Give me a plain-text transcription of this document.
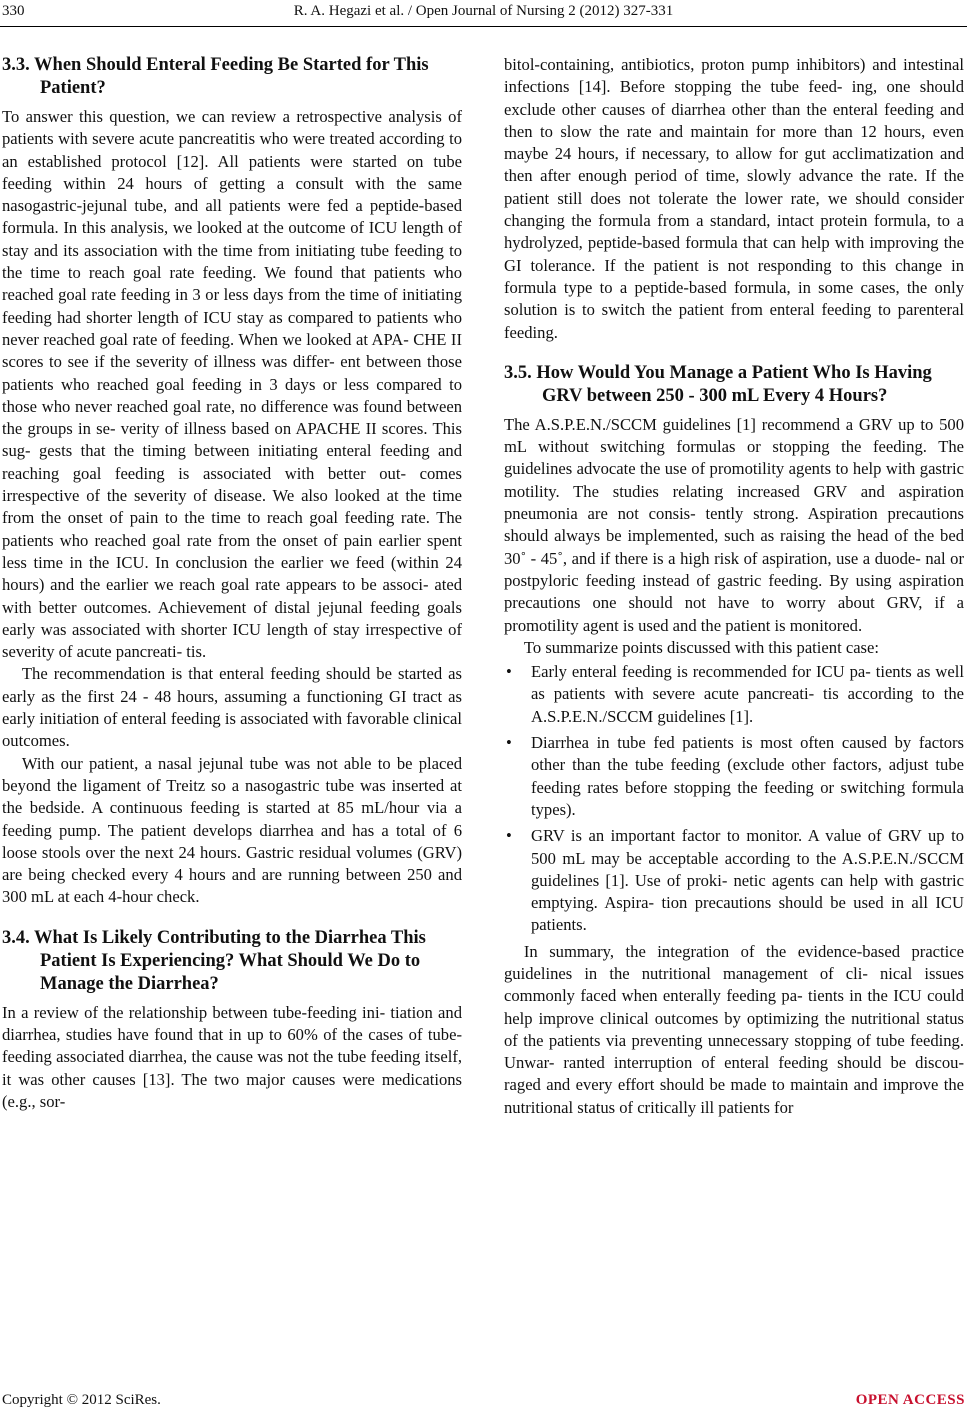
330	R. A. Hegazi et al. / Open Journal of Nursing 2 (2012) 327-331
3.3. When Should Enteral Feeding Be Started for This Patient?

To answer this question, we can review a retrospective analysis of patients with severe acute pancreatitis who were treated according to an established protocol [12]. All patients were started on tube feeding within 24 hours of getting a consult with the same nasogastric-jejunal tube, and all patients were fed a peptide-based formula. In this analysis, we looked at the outcome of ICU length of stay and its association with the time from initiating tube feeding to the time to reach goal rate feeding. We found that patients who reached goal rate feeding in 3 or less days from the time of initiating feeding had shorter length of ICU stay as compared to patients who never reached goal rate of feeding. When we looked at APA- CHE II scores to see if the severity of illness was differ- ent between those patients who reached goal feeding in 3 days or less compared to those who never reached goal rate, no difference was found between the groups in se- verity of illness based on APACHE II scores. This sug- gests that the timing between initiating enteral feeding and reaching goal feeding is associated with better out- comes irrespective of the severity of disease. We also looked at the time from the onset of pain to the time to reach goal feeding rate. The patients who reached goal rate from the onset of pain earlier spent less time in the ICU. In conclusion the earlier we feed (within 24 hours) and the earlier we reach goal rate appears to be associ- ated with better outcomes. Achievement of distal jejunal feeding goals early was associated with shorter ICU length of stay irrespective of severity of acute pancreati- tis.

The recommendation is that enteral feeding should be started as early as the first 24 - 48 hours, assuming a functioning GI tract as early initiation of enteral feeding is associated with favorable clinical outcomes.

With our patient, a nasal jejunal tube was not able to be placed beyond the ligament of Treitz so a nasogastric tube was inserted at the bedside. A continuous feeding is started at 85 mL/hour via a feeding pump. The patient develops diarrhea and has a total of 6 loose stools over the next 24 hours. Gastric residual volumes (GRV) are being checked every 4 hours and are running between 250 and 300 mL at each 4-hour check.

3.4. What Is Likely Contributing to the Diarrhea This Patient Is Experiencing? What Should We Do to Manage the Diarrhea?

In a review of the relationship between tube-feeding ini- tiation and diarrhea, studies have found that in up to 60% of the cases of tube-feeding associated diarrhea, the cause was not the tube feeding itself, it was other causes [13]. The two major causes were medications (e.g., sor-

bitol-containing, antibiotics, proton pump inhibitors) and intestinal infections [14]. Before stopping the tube feed- ing, one should exclude other causes of diarrhea other than the enteral feeding and then to slow the rate and maintain for more than 12 hours, even maybe 24 hours, if necessary, to allow for gut acclimatization and then after enough period of time, slowly advance the rate. If the patient still does not tolerate the lower rate, we should consider changing the formula from a standard, intact protein formula, to a hydrolyzed, peptide-based formula that can help with improving the GI tolerance. If the patient is not responding to this change in formula type to a peptide-based formula, in some cases, the only solution is to switch the patient from enteral feeding to parenteral feeding.

3.5. How Would You Manage a Patient Who Is Having GRV between 250 - 300 mL Every 4 Hours?

The A.S.P.E.N./SCCM guidelines [1] recommend a GRV up to 500 mL without switching formulas or stopping the feeding. The guidelines advocate the use of promotility agents to help with gastric motility. The studies relating increased GRV and aspiration pneumonia are not consis- tently strong. Aspiration precautions should always be implemented, such as raising the head of the bed 30˚ - 45˚, and if there is a high risk of aspiration, use a duode- nal or postpyloric feeding instead of gastric feeding. By using aspiration precautions one should not have to worry about GRV, if a promotility agent is used and the patient is monitored.

To summarize points discussed with this patient case:

• Early enteral feeding is recommended for ICU pa- tients as well as patients with severe acute pancreati- tis according to the A.S.P.E.N./SCCM guidelines [1].
• Diarrhea in tube fed patients is most often caused by factors other than the tube feeding (exclude other factors, adjust tube feeding rates before stopping the feeding or switching formula types).
• GRV is an important factor to monitor. A value of GRV up to 500 mL may be acceptable according to the A.S.P.E.N./SCCM guidelines [1]. Use of proki- netic agents can help with gastric emptying. Aspira- tion precautions should be used in all ICU patients.

In summary, the integration of the evidence-based practice guidelines in the nutritional management of cli- nical issues commonly faced when enterally feeding pa- tients in the ICU could help improve clinical outcomes by optimizing the nutritional status of the patients via preventing unnecessary stopping of tube feeding. Unwar- ranted interruption of enteral feeding should be discou- raged and every effort should be made to maintain and improve the nutritional status of critically ill patients for

Copyright © 2012 SciRes.	OPEN ACCESS
